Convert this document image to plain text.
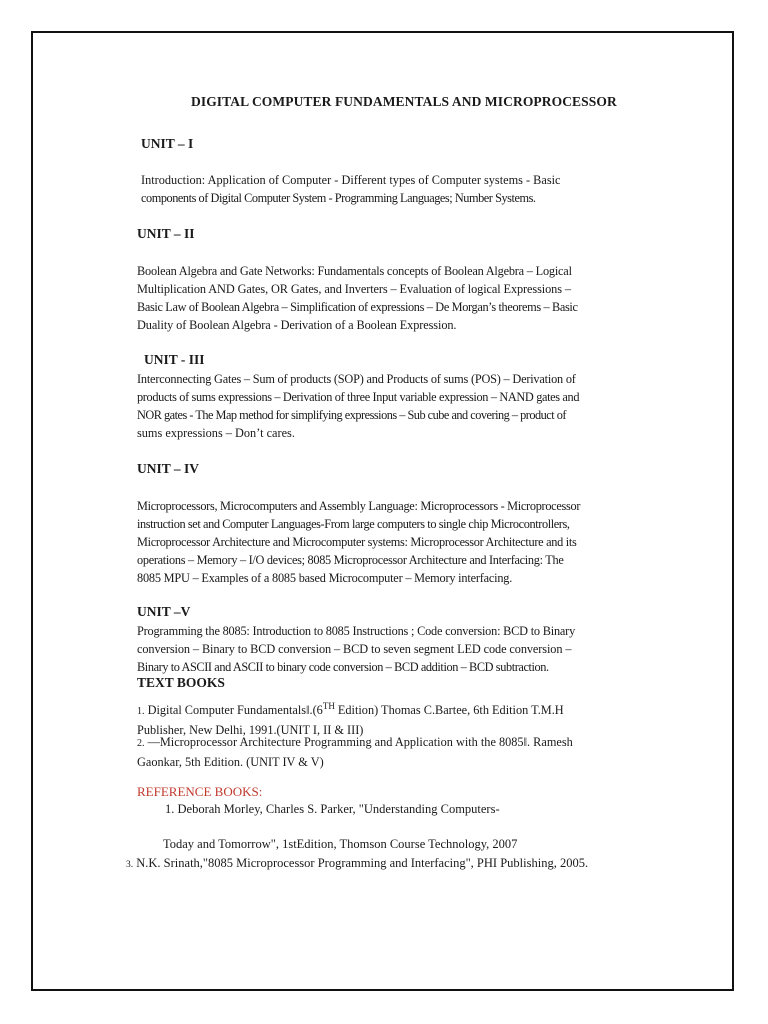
DIGITAL COMPUTER FUNDAMENTALS AND MICROPROCESSOR
UNIT – I
Introduction: Application of Computer - Different types of Computer systems - Basic
components of Digital Computer System - Programming Languages; Number Systems.
UNIT – II
Boolean Algebra and Gate Networks: Fundamentals concepts of Boolean Algebra – Logical
Multiplication AND Gates, OR Gates, and Inverters – Evaluation of logical Expressions –
Basic Law of Boolean Algebra – Simplification of expressions – De Morgan’s theorems – Basic
Duality of Boolean Algebra - Derivation of a Boolean Expression.
UNIT - III
Interconnecting Gates – Sum of products (SOP) and Products of sums (POS) – Derivation of
products of sums expressions – Derivation of three Input variable expression – NAND gates and
NOR gates - The Map method for simplifying expressions – Sub cube and covering – product of
sums expressions – Don’t cares.
UNIT – IV
Microprocessors, Microcomputers and Assembly Language: Microprocessors - Microprocessor
instruction set and Computer Languages-From large computers to single chip Microcontrollers,
Microprocessor Architecture and Microcomputer systems: Microprocessor Architecture and its
operations – Memory – I/O devices; 8085 Microprocessor Architecture and Interfacing: The
8085 MPU – Examples of a 8085 based Microcomputer – Memory interfacing.
UNIT –V
Programming the 8085: Introduction to 8085 Instructions ; Code conversion: BCD to Binary
conversion – Binary to BCD conversion – BCD to seven segment LED code conversion –
Binary to ASCII and ASCII to binary code conversion – BCD addition – BCD subtraction.
TEXT BOOKS
1. Digital Computer Fundamentals‖.(6TH Edition) Thomas C.Bartee, 6th Edition T.M.H
Publisher, New Delhi, 1991.(UNIT I, II & III)
2. —Microprocessor Architecture Programming and Application with the 8085‖. Ramesh
Gaonkar, 5th Edition. (UNIT IV & V)
REFERENCE BOOKS:
1. Deborah Morley, Charles S. Parker, "Understanding Computers-
Today and Tomorrow", 1stEdition, Thomson Course Technology, 2007
3. N.K. Srinath,"8085 Microprocessor Programming and Interfacing", PHI Publishing, 2005.
